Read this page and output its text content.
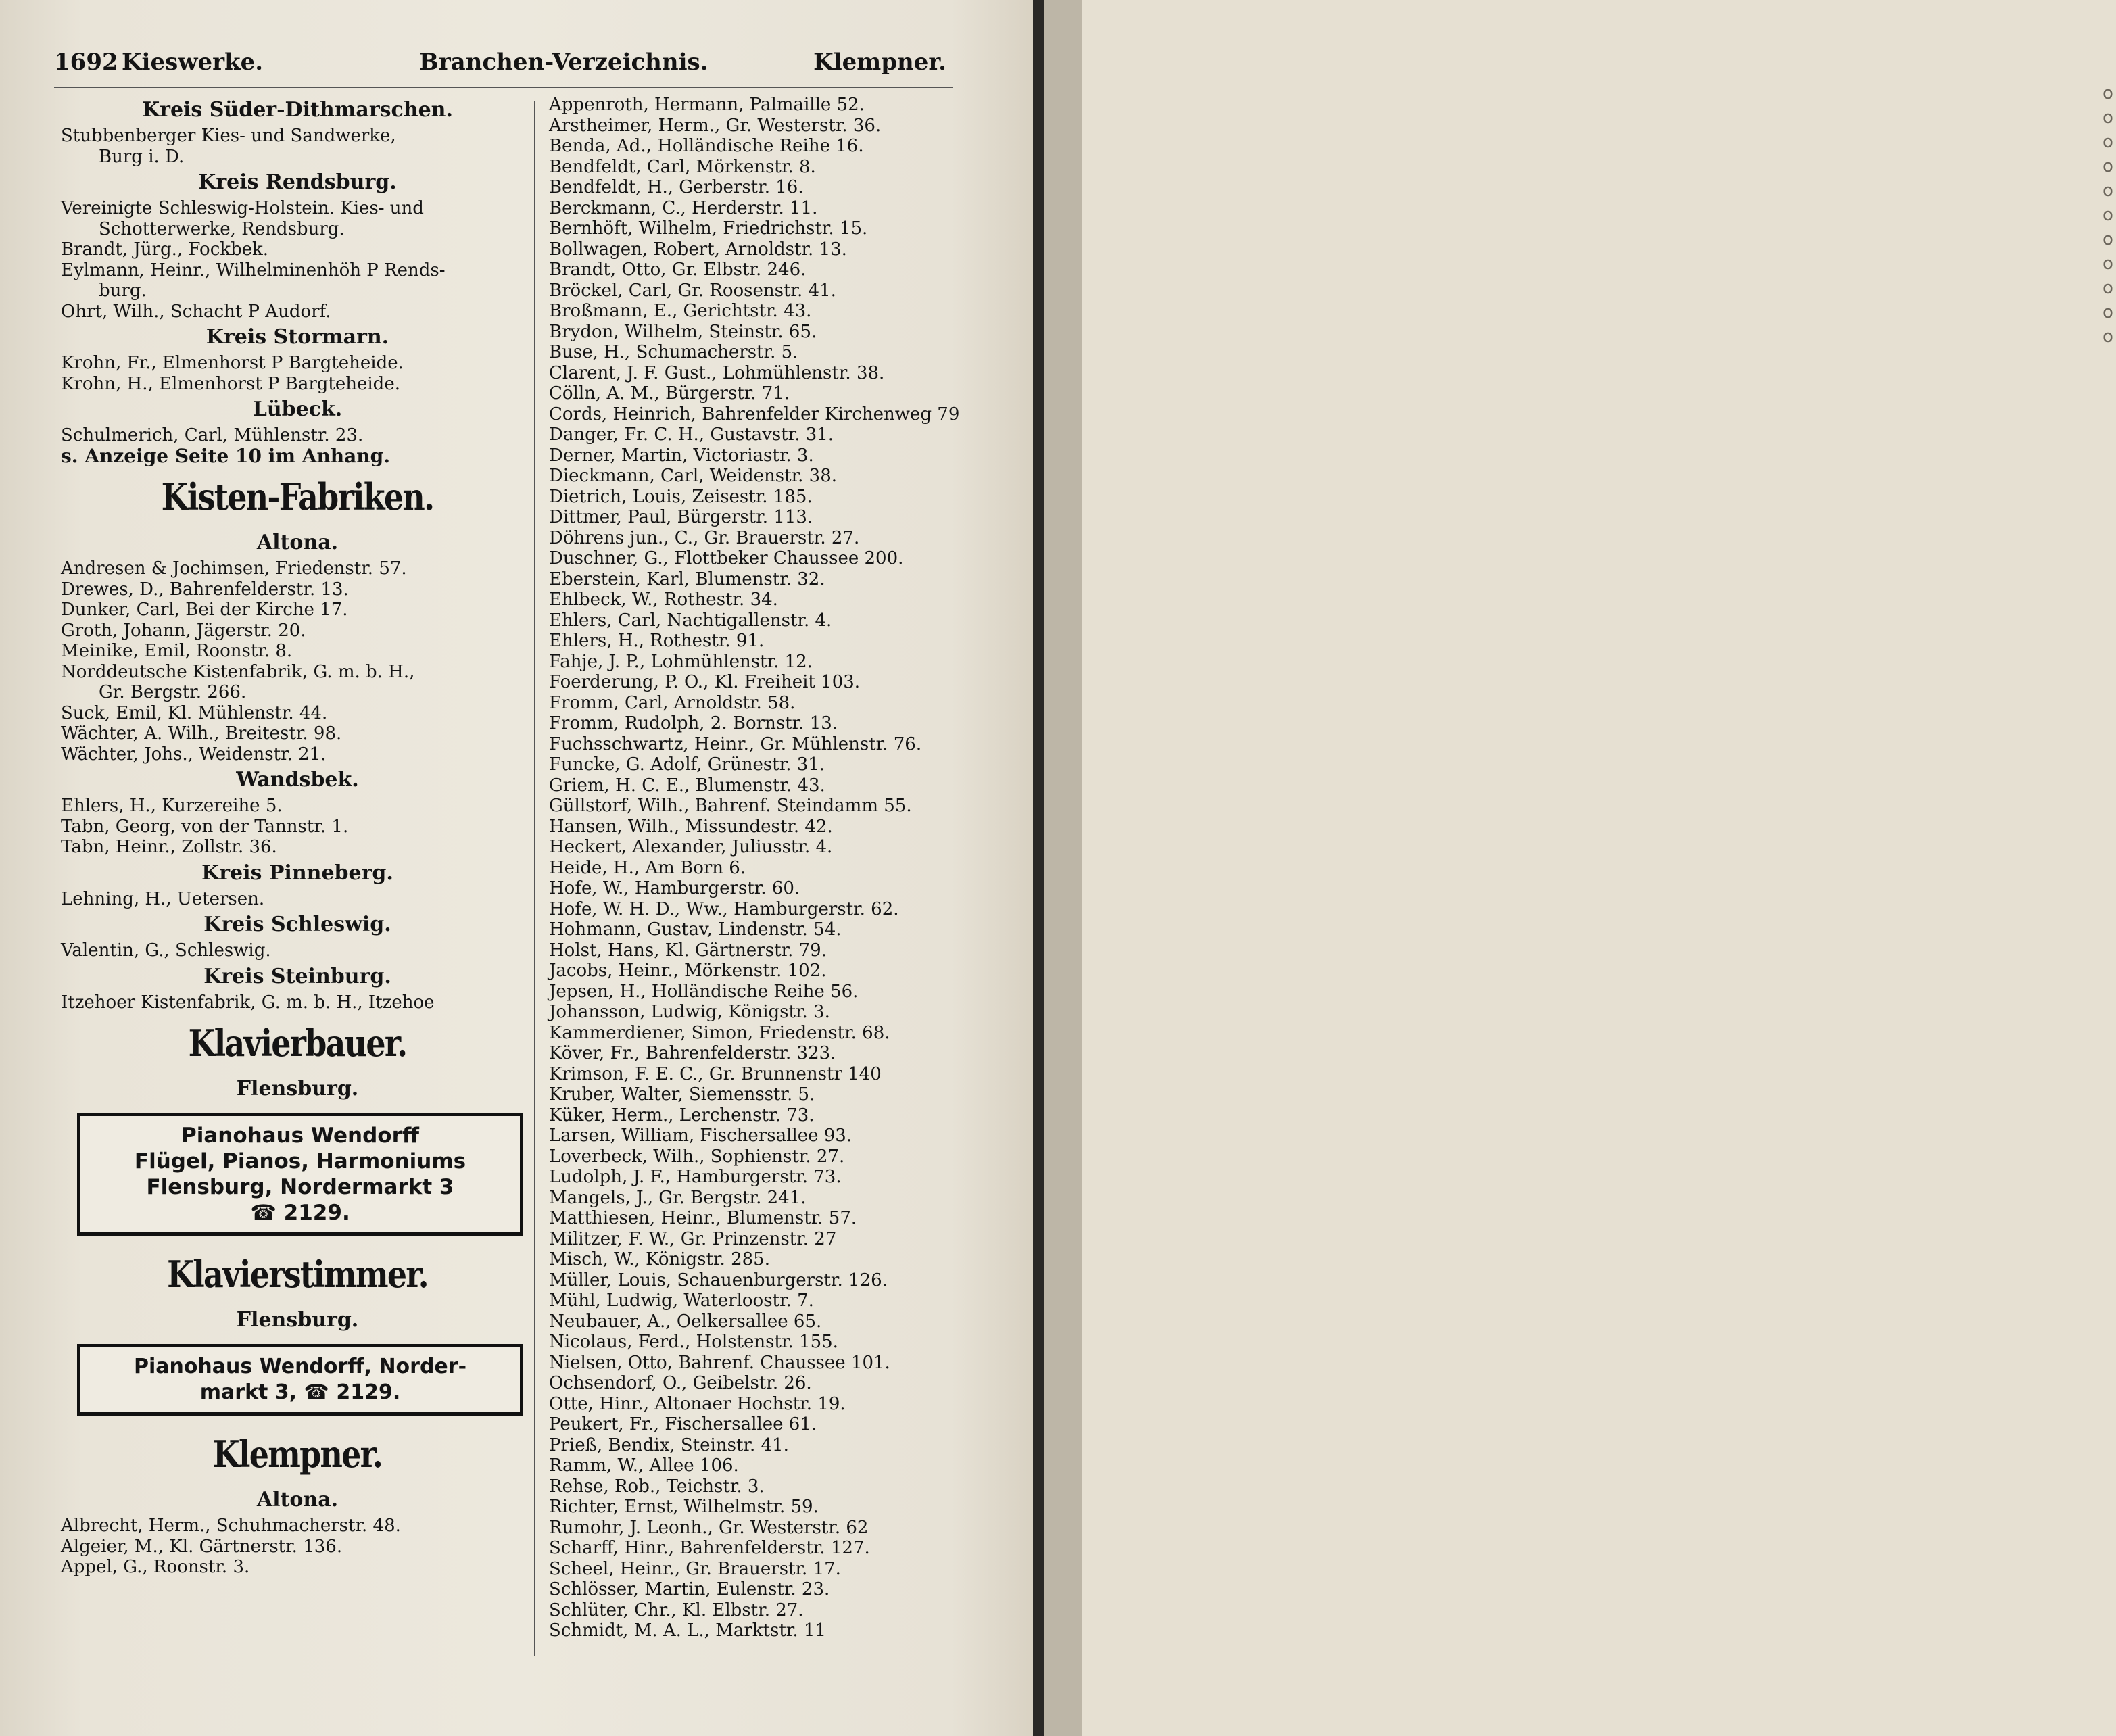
1692 Kieswerke.	Branchen-Verzeichnis.	Klempner.
Kreis Süder-Dithmarschen.
Stubbenberger Kies- und Sandwerke,
Burg i. D.
Kreis Rendsburg.
Vereinigte Schleswig-Holstein. Kies- und
Schotterwerke, Rendsburg.
Brandt, Jürg., Fockbek.
Eylmann, Heinr., Wilhelminenhöh P Rends-
burg.
Ohrt, Wilh., Schacht P Audorf.
Kreis Stormarn.
Krohn, Fr., Elmenhorst P Bargteheide.
Krohn, H., Elmenhorst P Bargteheide.
Lübeck.
Schulmerich, Carl, Mühlenstr. 23.
s. Anzeige Seite 10 im Anhang.
Kisten-Fabriken.
Altona.
Andresen & Jochimsen, Friedenstr. 57.
Drewes, D., Bahrenfelderstr. 13.
Dunker, Carl, Bei der Kirche 17.
Groth, Johann, Jägerstr. 20.
Meinike, Emil, Roonstr. 8.
Norddeutsche Kistenfabrik, G. m. b. H.,
Gr. Bergstr. 266.
Suck, Emil, Kl. Mühlenstr. 44.
Wächter, A. Wilh., Breitestr. 98.
Wächter, Johs., Weidenstr. 21.
Wandsbek.
Ehlers, H., Kurzereihe 5.
Tabn, Georg, von der Tannstr. 1.
Tabn, Heinr., Zollstr. 36.
Kreis Pinneberg.
Lehning, H., Uetersen.
Kreis Schleswig.
Valentin, G., Schleswig.
Kreis Steinburg.
Itzehoer Kistenfabrik, G. m. b. H., Itzehoe
Klavierbauer.
Flensburg.
Pianohaus Wendorff
Flügel, Pianos, Harmoniums
Flensburg, Nordermarkt 3
☎ 2129.
Klavierstimmer.
Flensburg.
Pianohaus Wendorff, Norder-
markt 3, ☎ 2129.
Klempner.
Altona.
Albrecht, Herm., Schuhmacherstr. 48.
Algeier, M., Kl. Gärtnerstr. 136.
Appel, G., Roonstr. 3.
Appenroth, Hermann, Palmaille 52.
Arstheimer, Herm., Gr. Westerstr. 36.
Benda, Ad., Holländische Reihe 16.
Bendfeldt, Carl, Mörkenstr. 8.
Bendfeldt, H., Gerberstr. 16.
Berckmann, C., Herderstr. 11.
Bernhöft, Wilhelm, Friedrichstr. 15.
Bollwagen, Robert, Arnoldstr. 13.
Brandt, Otto, Gr. Elbstr. 246.
Bröckel, Carl, Gr. Roosenstr. 41.
Broßmann, E., Gerichtstr. 43.
Brydon, Wilhelm, Steinstr. 65.
Buse, H., Schumacherstr. 5.
Clarent, J. F. Gust., Lohmühlenstr. 38.
Cölln, A. M., Bürgerstr. 71.
Cords, Heinrich, Bahrenfelder Kirchenweg 79
Danger, Fr. C. H., Gustavstr. 31.
Derner, Martin, Victoriastr. 3.
Dieckmann, Carl, Weidenstr. 38.
Dietrich, Louis, Zeisestr. 185.
Dittmer, Paul, Bürgerstr. 113.
Döhrens jun., C., Gr. Brauerstr. 27.
Duschner, G., Flottbeker Chaussee 200.
Eberstein, Karl, Blumenstr. 32.
Ehlbeck, W., Rothestr. 34.
Ehlers, Carl, Nachtigallenstr. 4.
Ehlers, H., Rothestr. 91.
Fahje, J. P., Lohmühlenstr. 12.
Foerderung, P. O., Kl. Freiheit 103.
Fromm, Carl, Arnoldstr. 58.
Fromm, Rudolph, 2. Bornstr. 13.
Fuchsschwartz, Heinr., Gr. Mühlenstr. 76.
Funcke, G. Adolf, Grünestr. 31.
Griem, H. C. E., Blumenstr. 43.
Güllstorf, Wilh., Bahrenf. Steindamm 55.
Hansen, Wilh., Missundestr. 42.
Heckert, Alexander, Juliusstr. 4.
Heide, H., Am Born 6.
Hofe, W., Hamburgerstr. 60.
Hofe, W. H. D., Ww., Hamburgerstr. 62.
Hohmann, Gustav, Lindenstr. 54.
Holst, Hans, Kl. Gärtnerstr. 79.
Jacobs, Heinr., Mörkenstr. 102.
Jepsen, H., Holländische Reihe 56.
Johansson, Ludwig, Königstr. 3.
Kammerdiener, Simon, Friedenstr. 68.
Köver, Fr., Bahrenfelderstr. 323.
Krimson, F. E. C., Gr. Brunnenstr 140
Kruber, Walter, Siemensstr. 5.
Küker, Herm., Lerchenstr. 73.
Larsen, William, Fischersallee 93.
Loverbeck, Wilh., Sophienstr. 27.
Ludolph, J. F., Hamburgerstr. 73.
Mangels, J., Gr. Bergstr. 241.
Matthiesen, Heinr., Blumenstr. 57.
Militzer, F. W., Gr. Prinzenstr. 27
Misch, W., Königstr. 285.
Müller, Louis, Schauenburgerstr. 126.
Mühl, Ludwig, Waterloostr. 7.
Neubauer, A., Oelkersallee 65.
Nicolaus, Ferd., Holstenstr. 155.
Nielsen, Otto, Bahrenf. Chaussee 101.
Ochsendorf, O., Geibelstr. 26.
Otte, Hinr., Altonaer Hochstr. 19.
Peukert, Fr., Fischersallee 61.
Prieß, Bendix, Steinstr. 41.
Ramm, W., Allee 106.
Rehse, Rob., Teichstr. 3.
Richter, Ernst, Wilhelmstr. 59.
Rumohr, J. Leonh., Gr. Westerstr. 62
Scharff, Hinr., Bahrenfelderstr. 127.
Scheel, Heinr., Gr. Brauerstr. 17.
Schlösser, Martin, Eulenstr. 23.
Schlüter, Chr., Kl. Elbstr. 27.
Schmidt, M. A. L., Marktstr. 11
ooooooooooo
